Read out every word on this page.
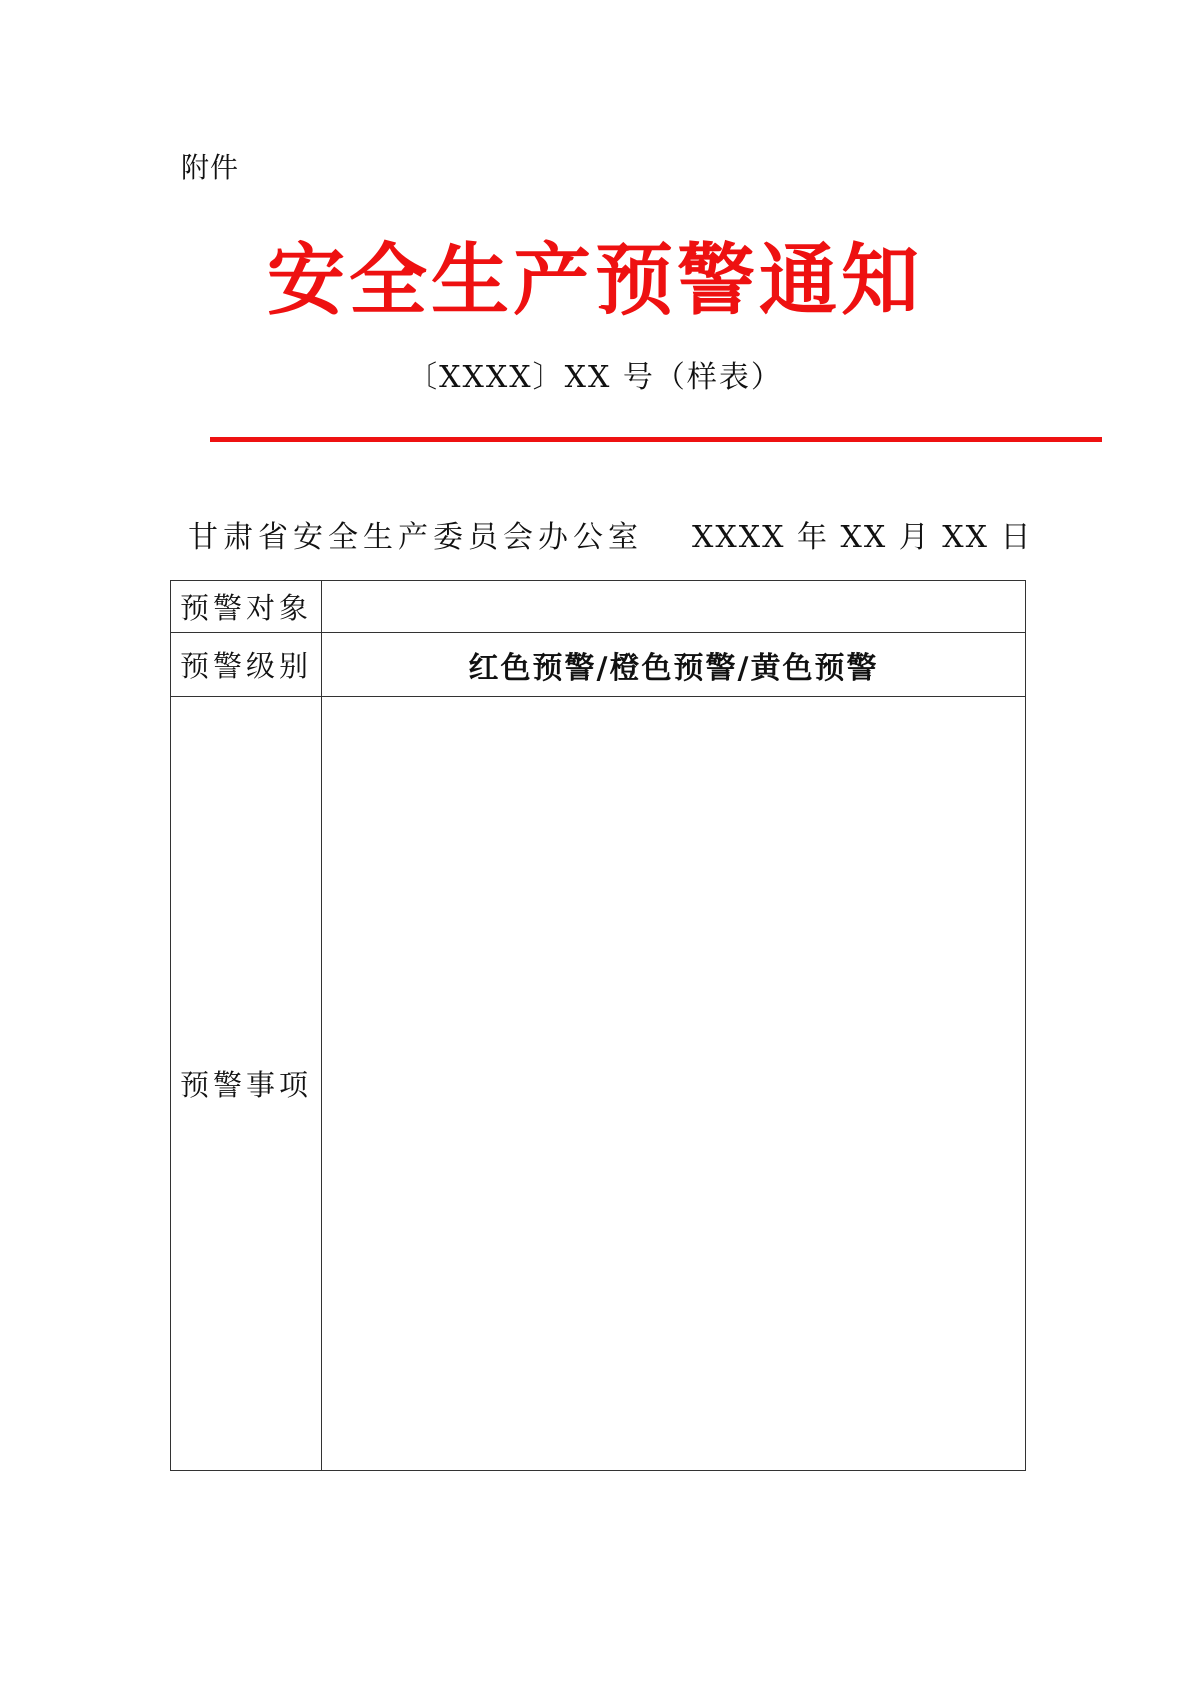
附件
安全生产预警通知
〔XXXX〕XX 号（样表）
甘肃省安全生产委员会办公室 XXXX 年 XX 月 XX 日
预警对象	
预警级别	红色预警/橙色预警/黄色预警
预警事项	
